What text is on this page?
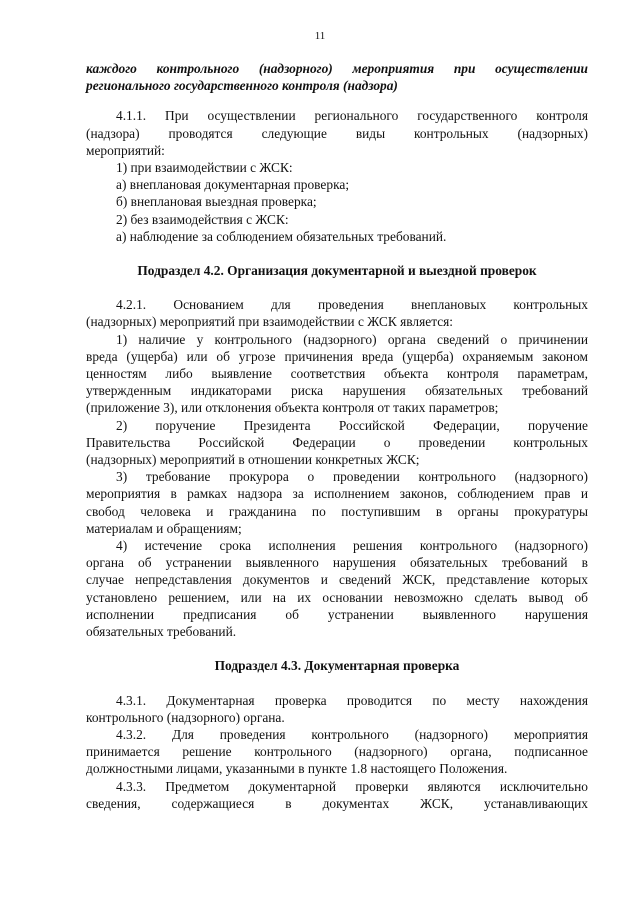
11

каждого контрольного (надзорного) мероприятия при осуществлении

регионального государственного контроля (надзора)

4.1.1. При осуществлении регионального государственного контроля

(надзора) проводятся следующие виды контрольных (надзорных)

мероприятий:

1) при взаимодействии с ЖСК:

а) внеплановая документарная проверка;

б) внеплановая выездная проверка;

2) без взаимодействия с ЖСК:

а) наблюдение за соблюдением обязательных требований.

Подраздел 4.2. Организация документарной и выездной проверок

4.2.1. Основанием для проведения внеплановых контрольных

(надзорных) мероприятий при взаимодействии с ЖСК является:

1) наличие у контрольного (надзорного) органа сведений о причинении

вреда (ущерба) или об угрозе причинения вреда (ущерба) охраняемым законом

ценностям либо выявление соответствия объекта контроля параметрам,

утвержденным индикаторами риска нарушения обязательных требований

(приложение 3), или отклонения объекта контроля от таких параметров;

2) поручение Президента Российской Федерации, поручение

Правительства Российской Федерации о проведении контрольных

(надзорных) мероприятий в отношении конкретных ЖСК;

3) требование прокурора о проведении контрольного (надзорного)

мероприятия в рамках надзора за исполнением законов, соблюдением прав и

свобод человека и гражданина по поступившим в органы прокуратуры

материалам и обращениям;

4) истечение срока исполнения решения контрольного (надзорного)

органа об устранении выявленного нарушения обязательных требований в

случае непредставления документов и сведений ЖСК, представление которых

установлено решением, или на их основании невозможно сделать вывод об

исполнении предписания об устранении выявленного нарушения

обязательных требований.

Подраздел 4.3. Документарная проверка

4.3.1. Документарная проверка проводится по месту нахождения

контрольного (надзорного) органа.

4.3.2. Для проведения контрольного (надзорного) мероприятия

принимается решение контрольного (надзорного) органа, подписанное

должностными лицами, указанными в пункте 1.8 настоящего Положения.

4.3.3. Предметом документарной проверки являются исключительно

сведения, содержащиеся в документах ЖСК, устанавливающих
